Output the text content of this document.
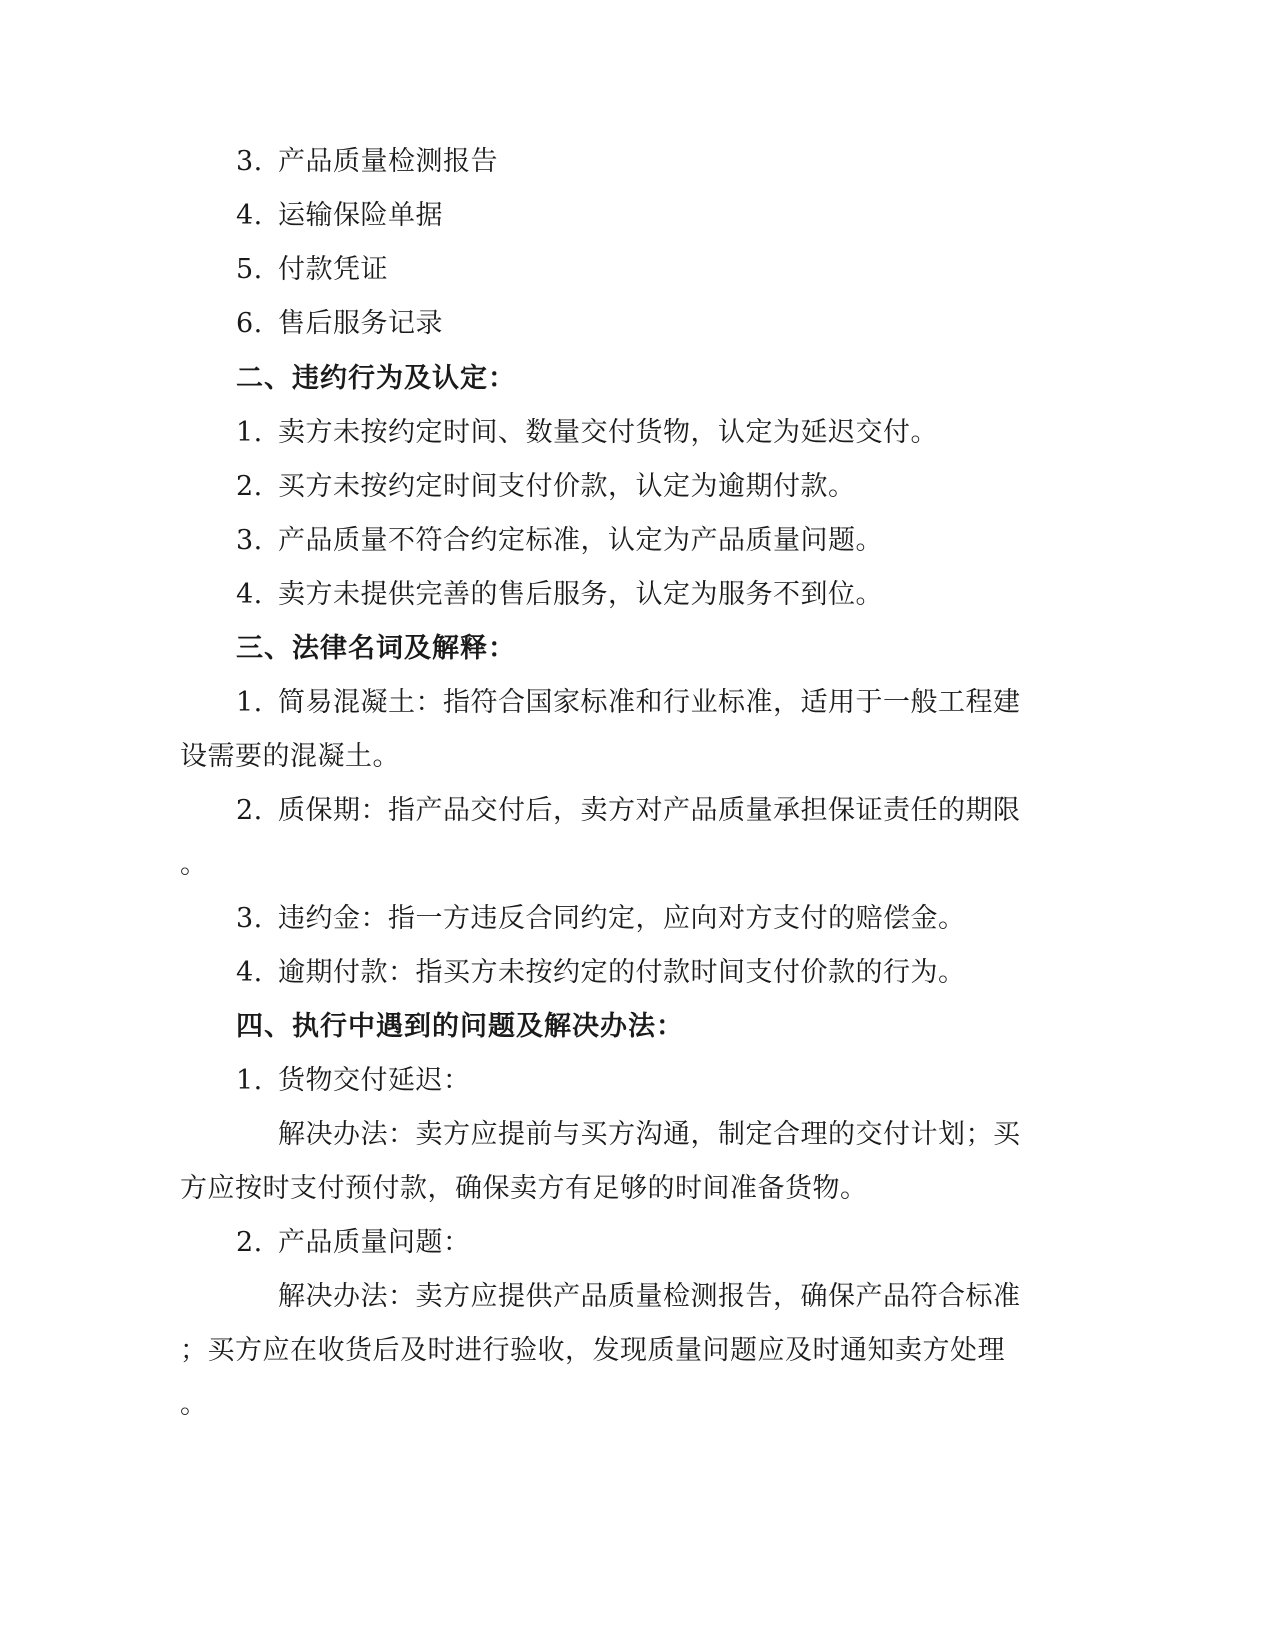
3. 产品质量检测报告
4. 运输保险单据
5. 付款凭证
6. 售后服务记录
二、违约行为及认定：
1. 卖方未按约定时间、数量交付货物，认定为延迟交付。
2. 买方未按约定时间支付价款，认定为逾期付款。
3. 产品质量不符合约定标准，认定为产品质量问题。
4. 卖方未提供完善的售后服务，认定为服务不到位。
三、法律名词及解释：
1. 简易混凝土：指符合国家标准和行业标准，适用于一般工程建
设需要的混凝土。
2. 质保期：指产品交付后，卖方对产品质量承担保证责任的期限
。
3. 违约金：指一方违反合同约定，应向对方支付的赔偿金。
4. 逾期付款：指买方未按约定的付款时间支付价款的行为。
四、执行中遇到的问题及解决办法：
1. 货物交付延迟：
解决办法：卖方应提前与买方沟通，制定合理的交付计划；买
方应按时支付预付款，确保卖方有足够的时间准备货物。
2. 产品质量问题：
解决办法：卖方应提供产品质量检测报告，确保产品符合标准
；买方应在收货后及时进行验收，发现质量问题应及时通知卖方处理
。
